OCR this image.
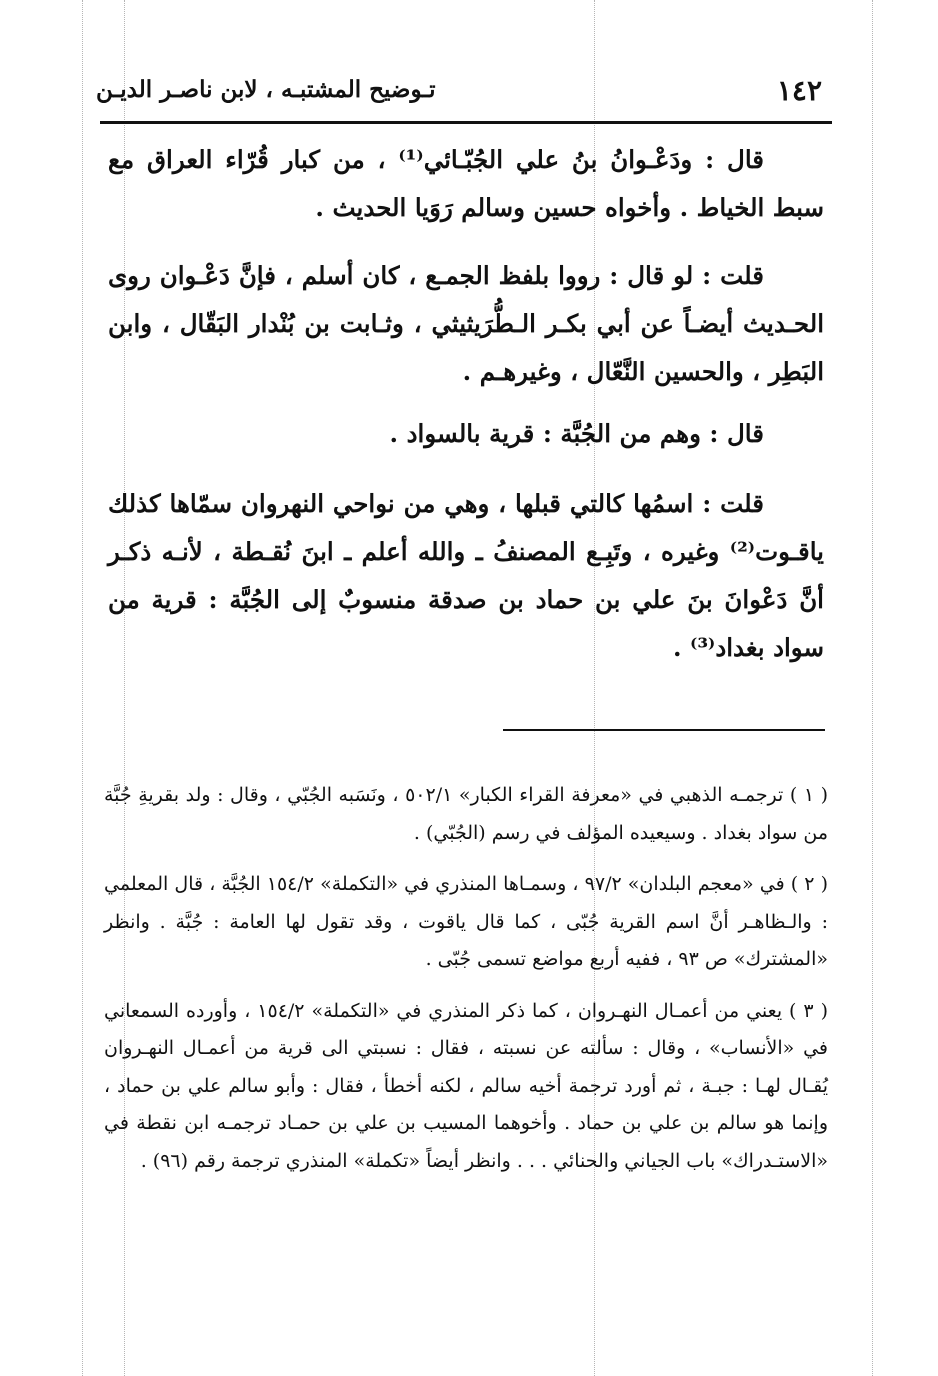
١٤٢
تـوضيح المشتبـه ، لابن ناصـر الديـن

قال : ودَعْـوانُ بنُ علي الجُبّـائي⁽¹⁾ ، من كبار قُرّاء العراق مع سبط الخياط . وأخواه حسين وسالم رَوَيا الحديث .

قلت : لو قال : رووا بلفظ الجمـع ، كان أسلم ، فإنَّ دَعْـوان روى الحـديث أيضـاً عن أبي بكـر الـطُّرَيثيثي ، وثـابت بن بُنْدار البَقّال ، وابن البَطِر ، والحسين النَّعّال ، وغيرهـم .

قال : وهم من الجُبَّة : قرية بالسواد .

قلت : اسمُها كالتي قبلها ، وهي من نواحي النهروان سمّاها كذلك ياقـوت⁽²⁾ وغيره ، وتَبِـع المصنفُ ـ والله أعلم ـ ابنَ نُقـطة ، لأنـه ذكـر أنَّ دَعْوانَ بنَ علي بن حماد بن صدقة منسوبٌ إلى الجُبَّة : قرية من سواد بغداد⁽³⁾ .

( ١ ) ترجمـه الذهبي في «معرفة القراء الكبار» ٥٠٢/١ ، ونَسَبه الجُبّي ، وقال : ولد بقريةِ جُبَّة من سواد بغداد . وسيعيده المؤلف في رسم (الجُبّي) .

( ٢ ) في «معجم البلدان» ٩٧/٢ ، وسمـاها المنذري في «التكملة» ١٥٤/٢ الجُبَّة ، قال المعلمي : والـظاهـر أنَّ اسم القرية جُبّى ، كما قال ياقوت ، وقد تقول لها العامة : جُبَّة . وانظر «المشترك» ص ٩٣ ، ففيه أربع مواضع تسمى جُبّى .

( ٣ ) يعني من أعمـال النهـروان ، كما ذكر المنذري في «التكملة» ١٥٤/٢ ، وأورده السمعاني في «الأنساب» ، وقال : سألته عن نسبته ، فقال : نسبتي الى قرية من أعمـال النهـروان يُقـال لهـا : جبـة ، ثم أورد ترجمة أخيه سالم ، لكنه أخطأ ، فقال : وأبو سالم علي بن حماد ، وإنما هو سالم بن علي بن حماد . وأخوهما المسيب بن علي بن حمـاد ترجمـه ابن نقطة في «الاستـدراك» باب الجياني والحنائي . . . وانظر أيضاً «تكملة» المنذري ترجمة رقم (٩٦) .
